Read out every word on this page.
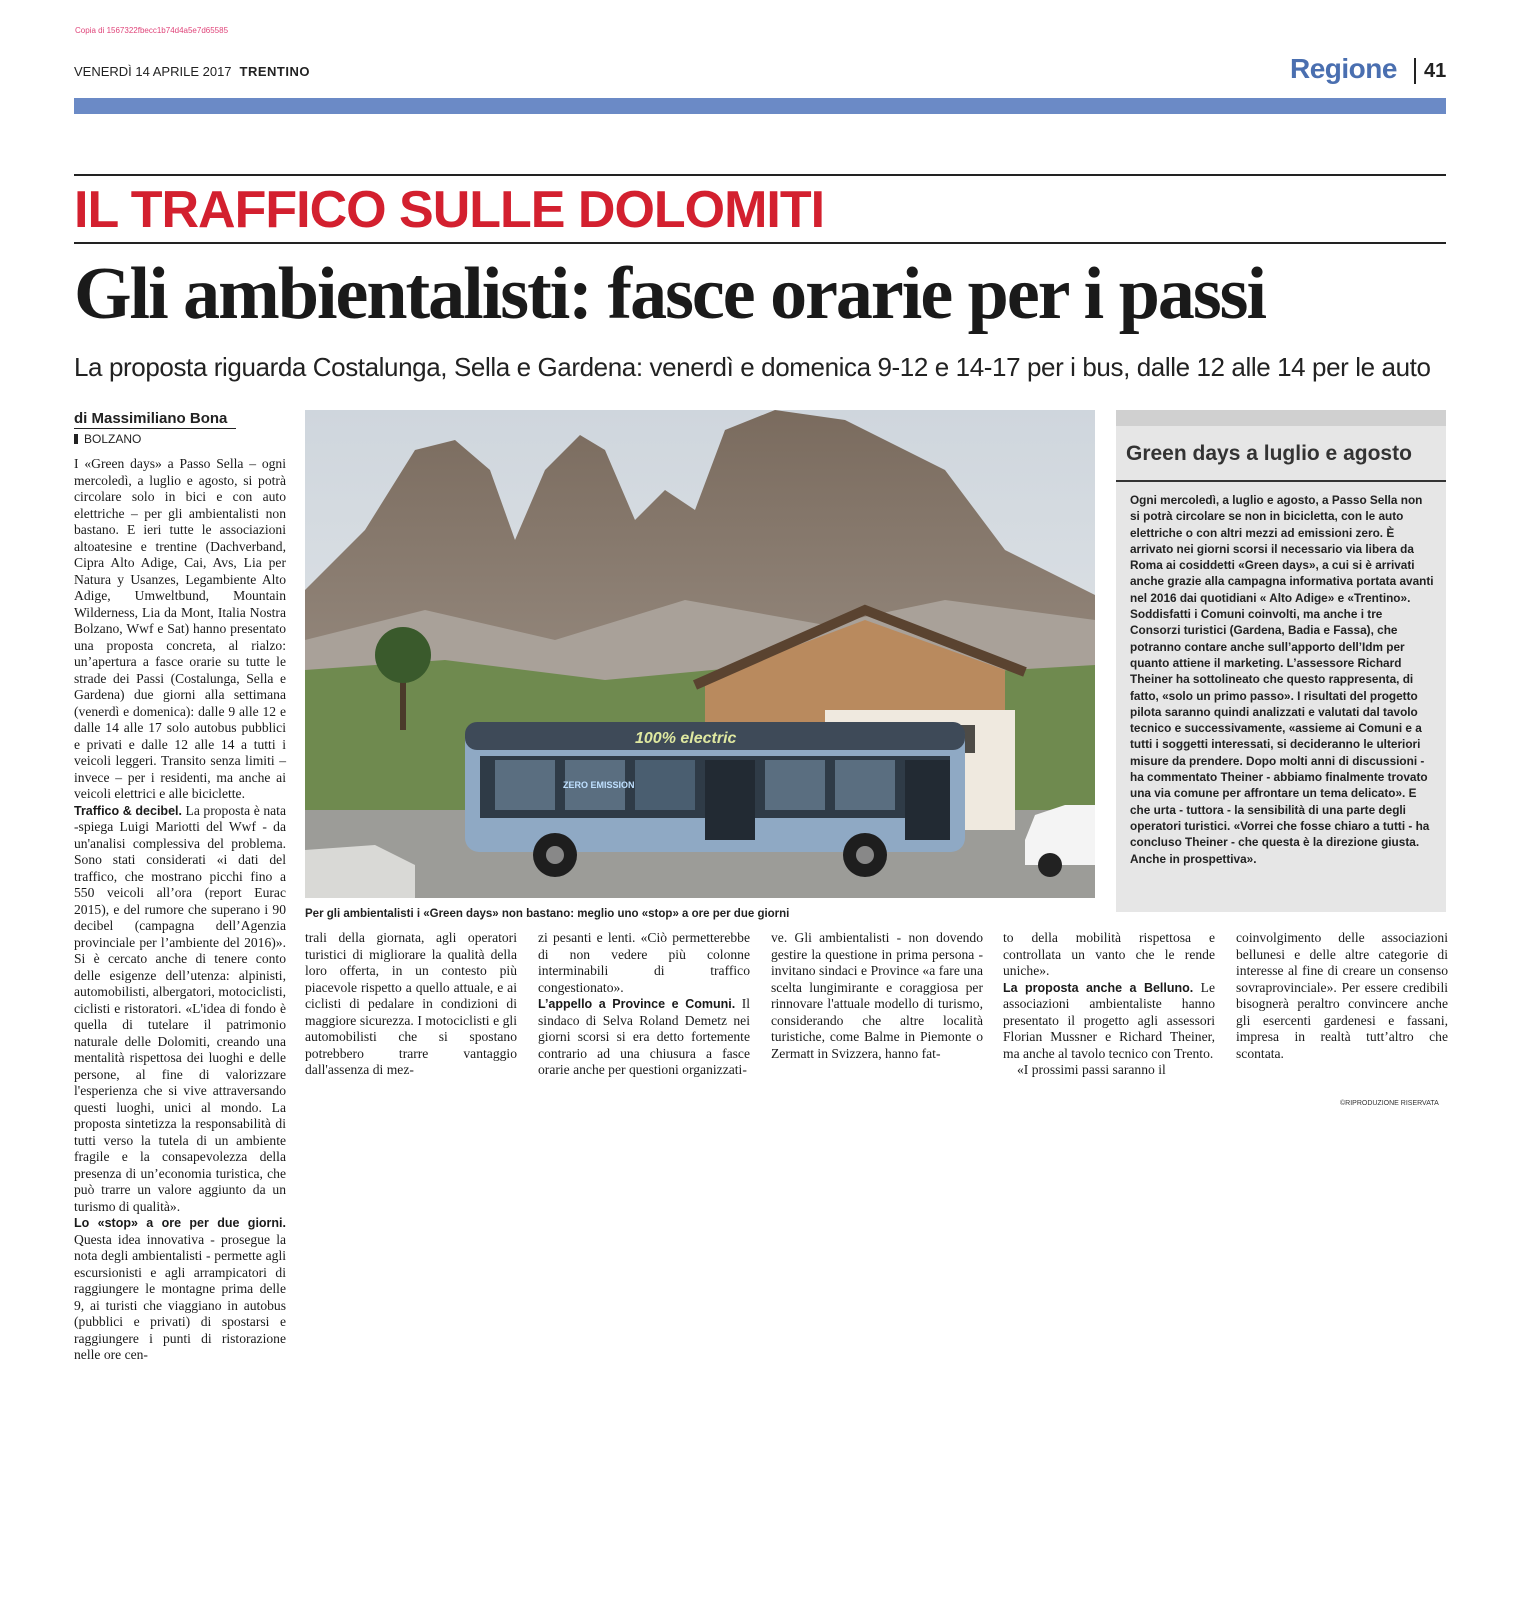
Copia di 1567322fbecc1b74d4a5e7d65585
VENERDÌ 14 APRILE 2017 TRENTINO	Regione 41
IL TRAFFICO SULLE DOLOMITI
Gli ambientalisti: fasce orarie per i passi
La proposta riguarda Costalunga, Sella e Gardena: venerdì e domenica 9-12 e 14-17 per i bus, dalle 12 alle 14 per le auto
di Massimiliano Bona
BOLZANO

I «Green days» a Passo Sella – ogni mercoledì, a luglio e agosto, si potrà circolare solo in bici e con auto elettriche – per gli ambientalisti non bastano. E ieri tutte le associazioni altoatesine e trentine (Dachverband, Cipra Alto Adige, Cai, Avs, Lia per Natura y Usanzes, Legambiente Alto Adige, Umweltbund, Mountain Wilderness, Lia da Mont, Italia Nostra Bolzano, Wwf e Sat) hanno presentato una proposta concreta, al rialzo: un’apertura a fasce orarie su tutte le strade dei Passi (Costalunga, Sella e Gardena) due giorni alla settimana (venerdì e domenica): dalle 9 alle 12 e dalle 14 alle 17 solo autobus pubblici e privati e dalle 12 alle 14 a tutti i veicoli leggeri. Transito senza limiti – invece – per i residenti, ma anche ai veicoli elettrici e alle biciclette.

Traffico & decibel. La proposta è nata -spiega Luigi Mariotti del Wwf - da un'analisi complessiva del problema. Sono stati considerati «i dati del traffico, che mostrano picchi fino a 550 veicoli all’ora (report Eurac 2015), e del rumore che superano i 90 decibel (campagna dell’Agenzia provinciale per l’ambiente del 2016)». Si è cercato anche di tenere conto delle esigenze dell’utenza: alpinisti, automobilisti, albergatori, motociclisti, ciclisti e ristoratori. «L'idea di fondo è quella di tutelare il patrimonio naturale delle Dolomiti, creando una mentalità rispettosa dei luoghi e delle persone, al fine di valorizzare l'esperienza che si vive attraversando questi luoghi, unici al mondo. La proposta sintetizza la responsabilità di tutti verso la tutela di un ambiente fragile e la consapevolezza della presenza di un’economia turistica, che può trarre un valore aggiunto da un turismo di qualità».

Lo «stop» a ore per due giorni. Questa idea innovativa - prosegue la nota degli ambientalisti - permette agli escursionisti e agli arrampicatori di raggiungere le montagne prima delle 9, ai turisti che viaggiano in autobus (pubblici e privati) di spostarsi e raggiungere i punti di ristorazione nelle ore cen-

100% electric
ZERO EMISSION
Per gli ambientalisti i «Green days» non bastano: meglio uno «stop» a ore per due giorni
Green days a luglio e agosto
Ogni mercoledì, a luglio e agosto, a Passo Sella non si potrà circolare se non in bicicletta, con le auto elettriche o con altri mezzi ad emissioni zero. È arrivato nei giorni scorsi il necessario via libera da Roma ai cosiddetti «Green days», a cui si è arrivati anche grazie alla campagna informativa portata avanti nel 2016 dai quotidiani « Alto Adige» e «Trentino». Soddisfatti i Comuni coinvolti, ma anche i tre Consorzi turistici (Gardena, Badia e Fassa), che potranno contare anche sull’apporto dell’Idm per quanto attiene il marketing. L’assessore Richard Theiner ha sottolineato che questo rappresenta, di fatto, «solo un primo passo». I risultati del progetto pilota saranno quindi analizzati e valutati dal tavolo tecnico e successivamente, «assieme ai Comuni e a tutti i soggetti interessati, si decideranno le ulteriori misure da prendere. Dopo molti anni di discussioni - ha commentato Theiner - abbiamo finalmente trovato una via comune per affrontare un tema delicato». E che urta - tuttora - la sensibilità di una parte degli operatori turistici. «Vorrei che fosse chiaro a tutti - ha concluso Theiner - che questa è la direzione giusta. Anche in prospettiva».

trali della giornata, agli operatori turistici di migliorare la qualità della loro offerta, in un contesto più piacevole rispetto a quello attuale, e ai ciclisti di pedalare in condizioni di maggiore sicurezza. I motociclisti e gli automobilisti che si spostano potrebbero trarre vantaggio dall'assenza di mez-

zi pesanti e lenti. «Ciò permetterebbe di non vedere più colonne interminabili di traffico congestionato».

L’appello a Province e Comuni. Il sindaco di Selva Roland Demetz nei giorni scorsi si era detto fortemente contrario ad una chiusura a fasce orarie anche per questioni organizzati-

ve. Gli ambientalisti - non dovendo gestire la questione in prima persona - invitano sindaci e Province «a fare una scelta lungimirante e coraggiosa per rinnovare l'attuale modello di turismo, considerando che altre località turistiche, come Balme in Piemonte o Zermatt in Svizzera, hanno fat-

to della mobilità rispettosa e controllata un vanto che le rende uniche».

La proposta anche a Belluno. Le associazioni ambientaliste hanno presentato il progetto agli assessori Florian Mussner e Richard Theiner, ma anche al tavolo tecnico con Trento.

«I prossimi passi saranno il

coinvolgimento delle associazioni bellunesi e delle altre categorie di interesse al fine di creare un consenso sovraprovinciale». Per essere credibili bisognerà peraltro convincere anche gli esercenti gardenesi e fassani, impresa in realtà tutt’altro che scontata.

©RIPRODUZIONE RISERVATA
